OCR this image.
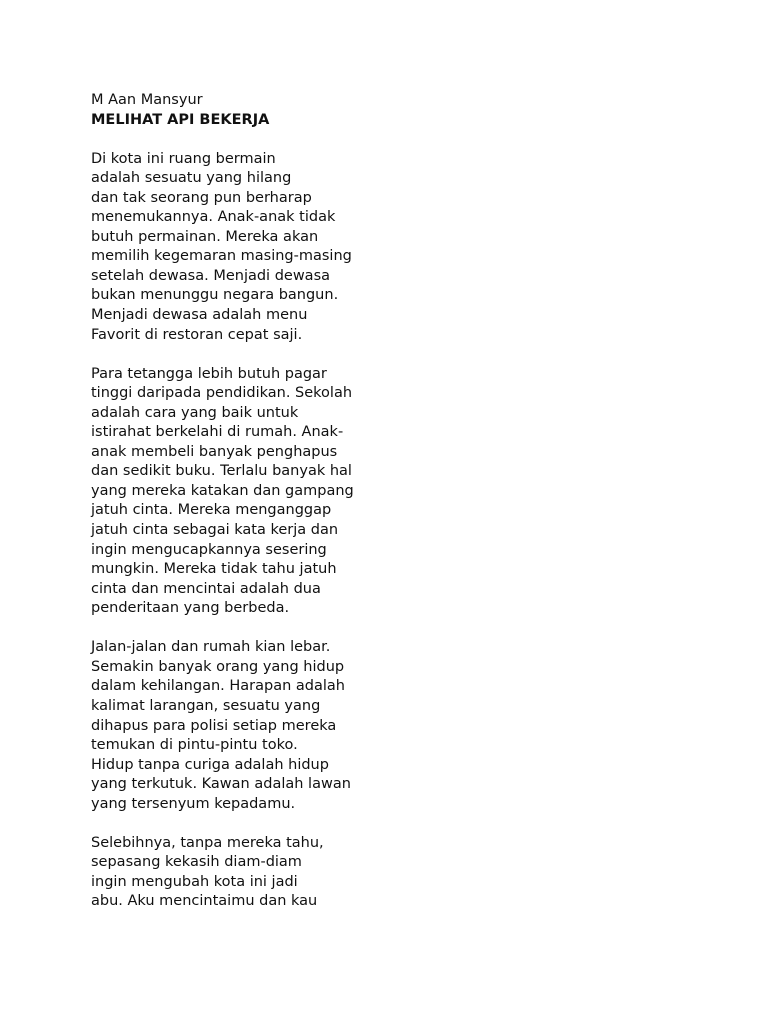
M Aan Mansyur
MELIHAT API BEKERJA
Di kota ini ruang bermain
adalah sesuatu yang hilang
dan tak seorang pun berharap
menemukannya. Anak-anak tidak
butuh permainan. Mereka akan
memilih kegemaran masing-masing
setelah dewasa. Menjadi dewasa
bukan menunggu negara bangun.
Menjadi dewasa adalah menu
Favorit di restoran cepat saji.
Para tetangga lebih butuh pagar
tinggi daripada pendidikan. Sekolah
adalah cara yang baik untuk
istirahat berkelahi di rumah. Anak-
anak membeli banyak penghapus
dan sedikit buku. Terlalu banyak hal
yang mereka katakan dan gampang
jatuh cinta. Mereka menganggap
jatuh cinta sebagai kata kerja dan
ingin mengucapkannya sesering
mungkin. Mereka tidak tahu jatuh
cinta dan mencintai adalah dua
penderitaan yang berbeda.
Jalan-jalan dan rumah kian lebar.
Semakin banyak orang yang hidup
dalam kehilangan. Harapan adalah
kalimat larangan, sesuatu yang
dihapus para polisi setiap mereka
temukan di pintu-pintu toko.
Hidup tanpa curiga adalah hidup
yang terkutuk. Kawan adalah lawan
yang tersenyum kepadamu.
Selebihnya, tanpa mereka tahu,
sepasang kekasih diam-diam
ingin mengubah kota ini jadi
abu. Aku mencintaimu dan kau
